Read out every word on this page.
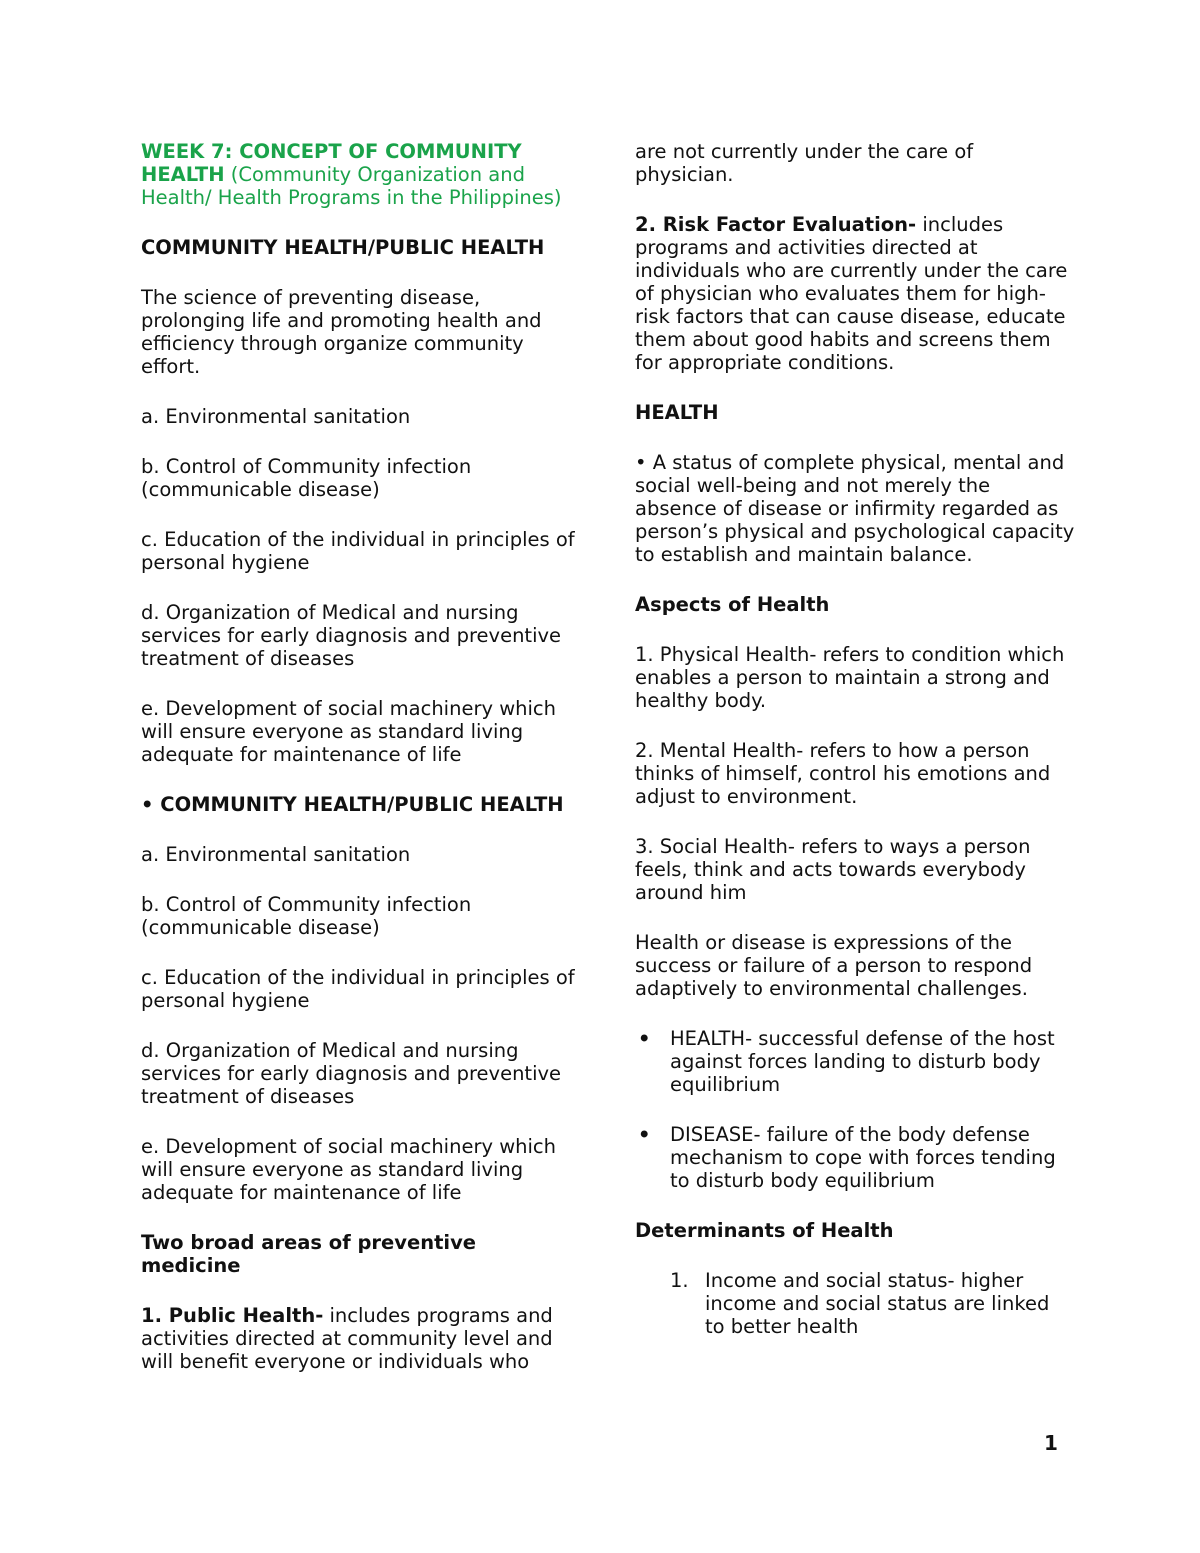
WEEK 7: CONCEPT OF COMMUNITY HEALTH (Community Organization and Health/ Health Programs in the Philippines)

COMMUNITY HEALTH/PUBLIC HEALTH

The science of preventing disease, prolonging life and promoting health and efficiency through organize community effort.

a. Environmental sanitation

b. Control of Community infection (communicable disease)

c. Education of the individual in principles of personal hygiene

d. Organization of Medical and nursing services for early diagnosis and preventive treatment of diseases

e. Development of social machinery which will ensure everyone as standard living adequate for maintenance of life

• COMMUNITY HEALTH/PUBLIC HEALTH

a. Environmental sanitation

b. Control of Community infection (communicable disease)

c. Education of the individual in principles of personal hygiene

d. Organization of Medical and nursing services for early diagnosis and preventive treatment of diseases

e. Development of social machinery which will ensure everyone as standard living adequate for maintenance of life

Two broad areas of preventive medicine

1. Public Health- includes programs and activities directed at community level and will benefit everyone or individuals who

are not currently under the care of physician.

2. Risk Factor Evaluation- includes programs and activities directed at individuals who are currently under the care of physician who evaluates them for high-risk factors that can cause disease, educate them about good habits and screens them for appropriate conditions.

HEALTH

• A status of complete physical, mental and social well-being and not merely the absence of disease or infirmity regarded as person’s physical and psychological capacity to establish and maintain balance.

Aspects of Health

1. Physical Health- refers to condition which enables a person to maintain a strong and healthy body.

2. Mental Health- refers to how a person thinks of himself, control his emotions and adjust to environment.

3. Social Health- refers to ways a person feels, think and acts towards everybody around him

Health or disease is expressions of the success or failure of a person to respond adaptively to environmental challenges.

• HEALTH- successful defense of the host against forces landing to disturb body equilibrium
• DISEASE- failure of the body defense mechanism to cope with forces tending to disturb body equilibrium

Determinants of Health

1. Income and social status- higher income and social status are linked to better health
1
